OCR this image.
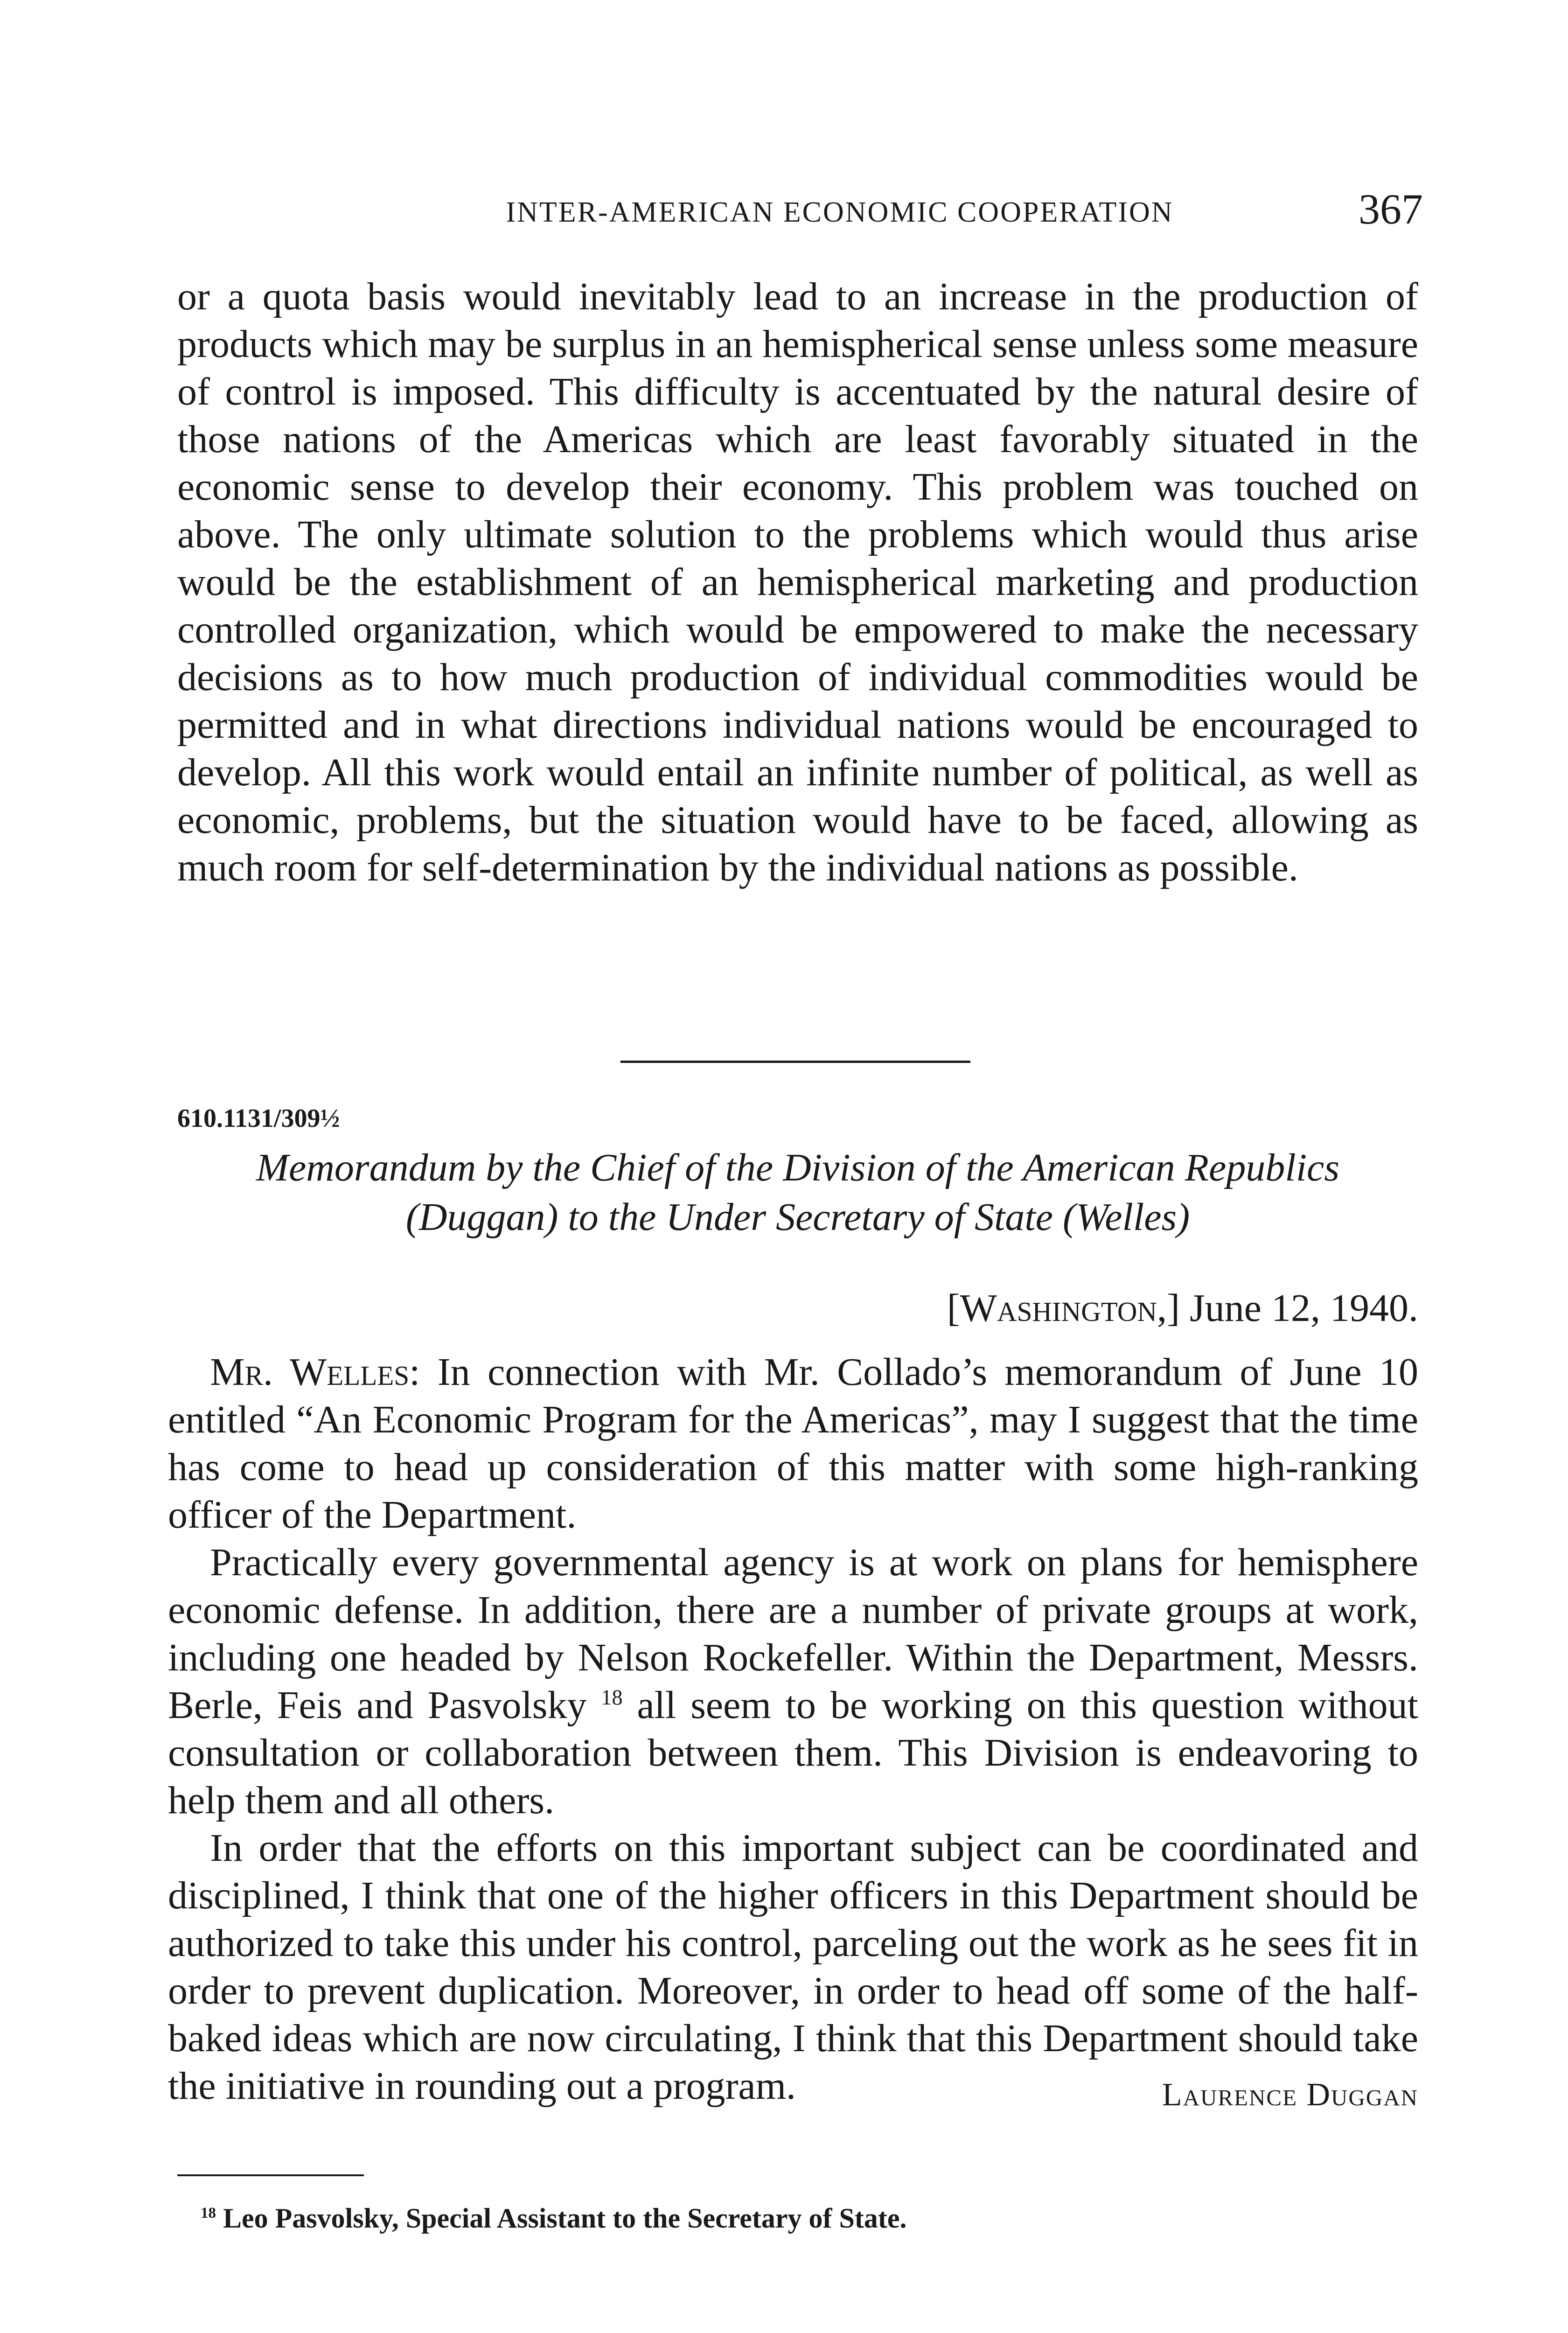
INTER-AMERICAN ECONOMIC COOPERATION	367
or a quota basis would inevitably lead to an increase in the production of products which may be surplus in an hemispherical sense unless some measure of control is imposed. This difficulty is accentuated by the natural desire of those nations of the Americas which are least favorably situated in the economic sense to develop their economy. This problem was touched on above. The only ultimate solution to the problems which would thus arise would be the establishment of an hemispherical marketing and production controlled organization, which would be empowered to make the necessary decisions as to how much production of individual commodities would be permitted and in what directions individual nations would be encouraged to develop. All this work would entail an infinite number of political, as well as economic, problems, but the situation would have to be faced, allowing as much room for self-determination by the individual nations as possible.
610.1131/309½
Memorandum by the Chief of the Division of the American Republics
(Duggan) to the Under Secretary of State (Welles)
[Washington,] June 12, 1940.

Mr. Welles: In connection with Mr. Collado’s memorandum of June 10 entitled “An Economic Program for the Americas”, may I suggest that the time has come to head up consideration of this matter with some high-ranking officer of the Department.

Practically every governmental agency is at work on plans for hemisphere economic defense. In addition, there are a number of private groups at work, including one headed by Nelson Rockefeller. Within the Department, Messrs. Berle, Feis and Pasvolsky $^{18}$ all seem to be working on this question without consultation or collaboration between them. This Division is endeavoring to help them and all others.

In order that the efforts on this important subject can be coordinated and disciplined, I think that one of the higher officers in this Department should be authorized to take this under his control, parceling out the work as he sees fit in order to prevent duplication. Moreover, in order to head off some of the half-baked ideas which are now circulating, I think that this Department should take the initiative in rounding out a program.	Laurence Duggan
$^{18}$ Leo Pasvolsky, Special Assistant to the Secretary of State.
